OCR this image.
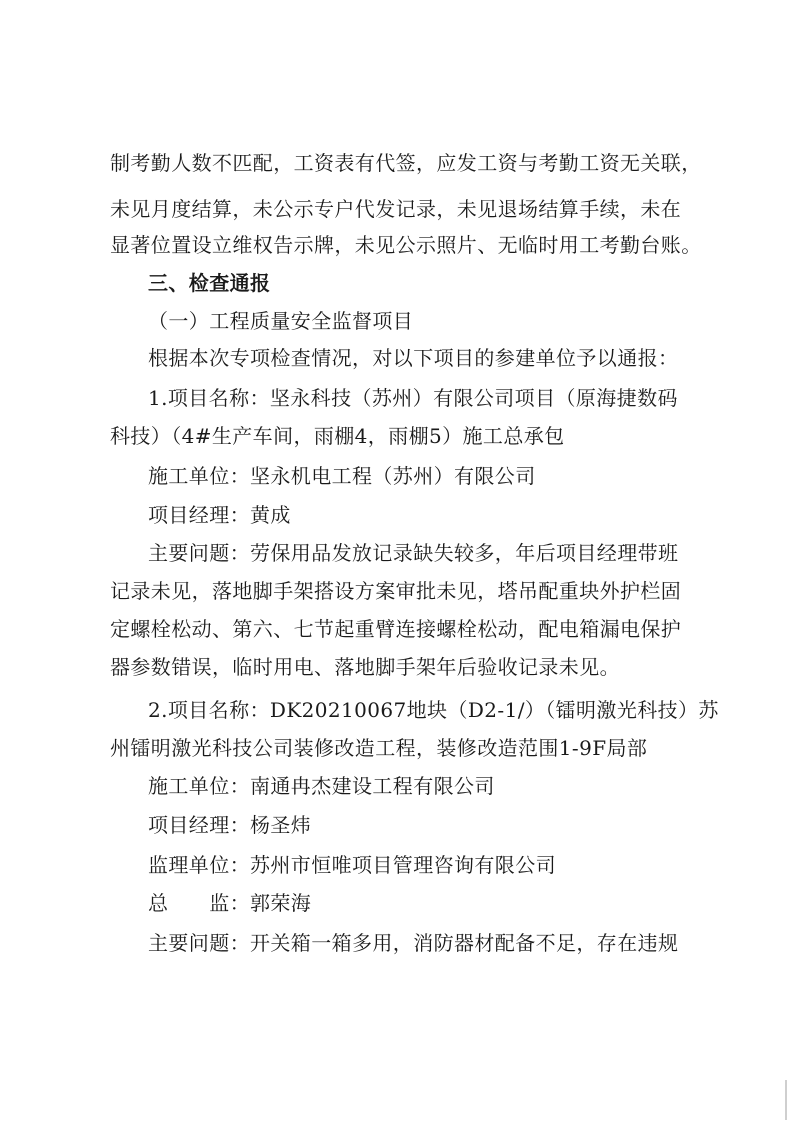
制考勤人数不匹配，工资表有代签，应发工资与考勤工资无关联，
未见月度结算，未公示专户代发记录，未见退场结算手续，未在
显著位置设立维权告示牌，未见公示照片、无临时用工考勤台账。
三、检查通报
（一）工程质量安全监督项目
根据本次专项检查情况，对以下项目的参建单位予以通报：
1.项目名称：坚永科技（苏州）有限公司项目（原海捷数码
科技）（4#生产车间，雨棚4，雨棚5）施工总承包
施工单位：坚永机电工程（苏州）有限公司
项目经理：黄成
主要问题：劳保用品发放记录缺失较多，年后项目经理带班
记录未见，落地脚手架搭设方案审批未见，塔吊配重块外护栏固
定螺栓松动、第六、七节起重臂连接螺栓松动，配电箱漏电保护
器参数错误，临时用电、落地脚手架年后验收记录未见。
2.项目名称：DK20210067地块（D2-1/）（镭明激光科技）苏
州镭明激光科技公司装修改造工程，装修改造范围1-9F局部
施工单位：南通冉杰建设工程有限公司
项目经理：杨圣炜
监理单位：苏州市恒唯项目管理咨询有限公司
总　　监：郭荣海
主要问题：开关箱一箱多用，消防器材配备不足，存在违规
